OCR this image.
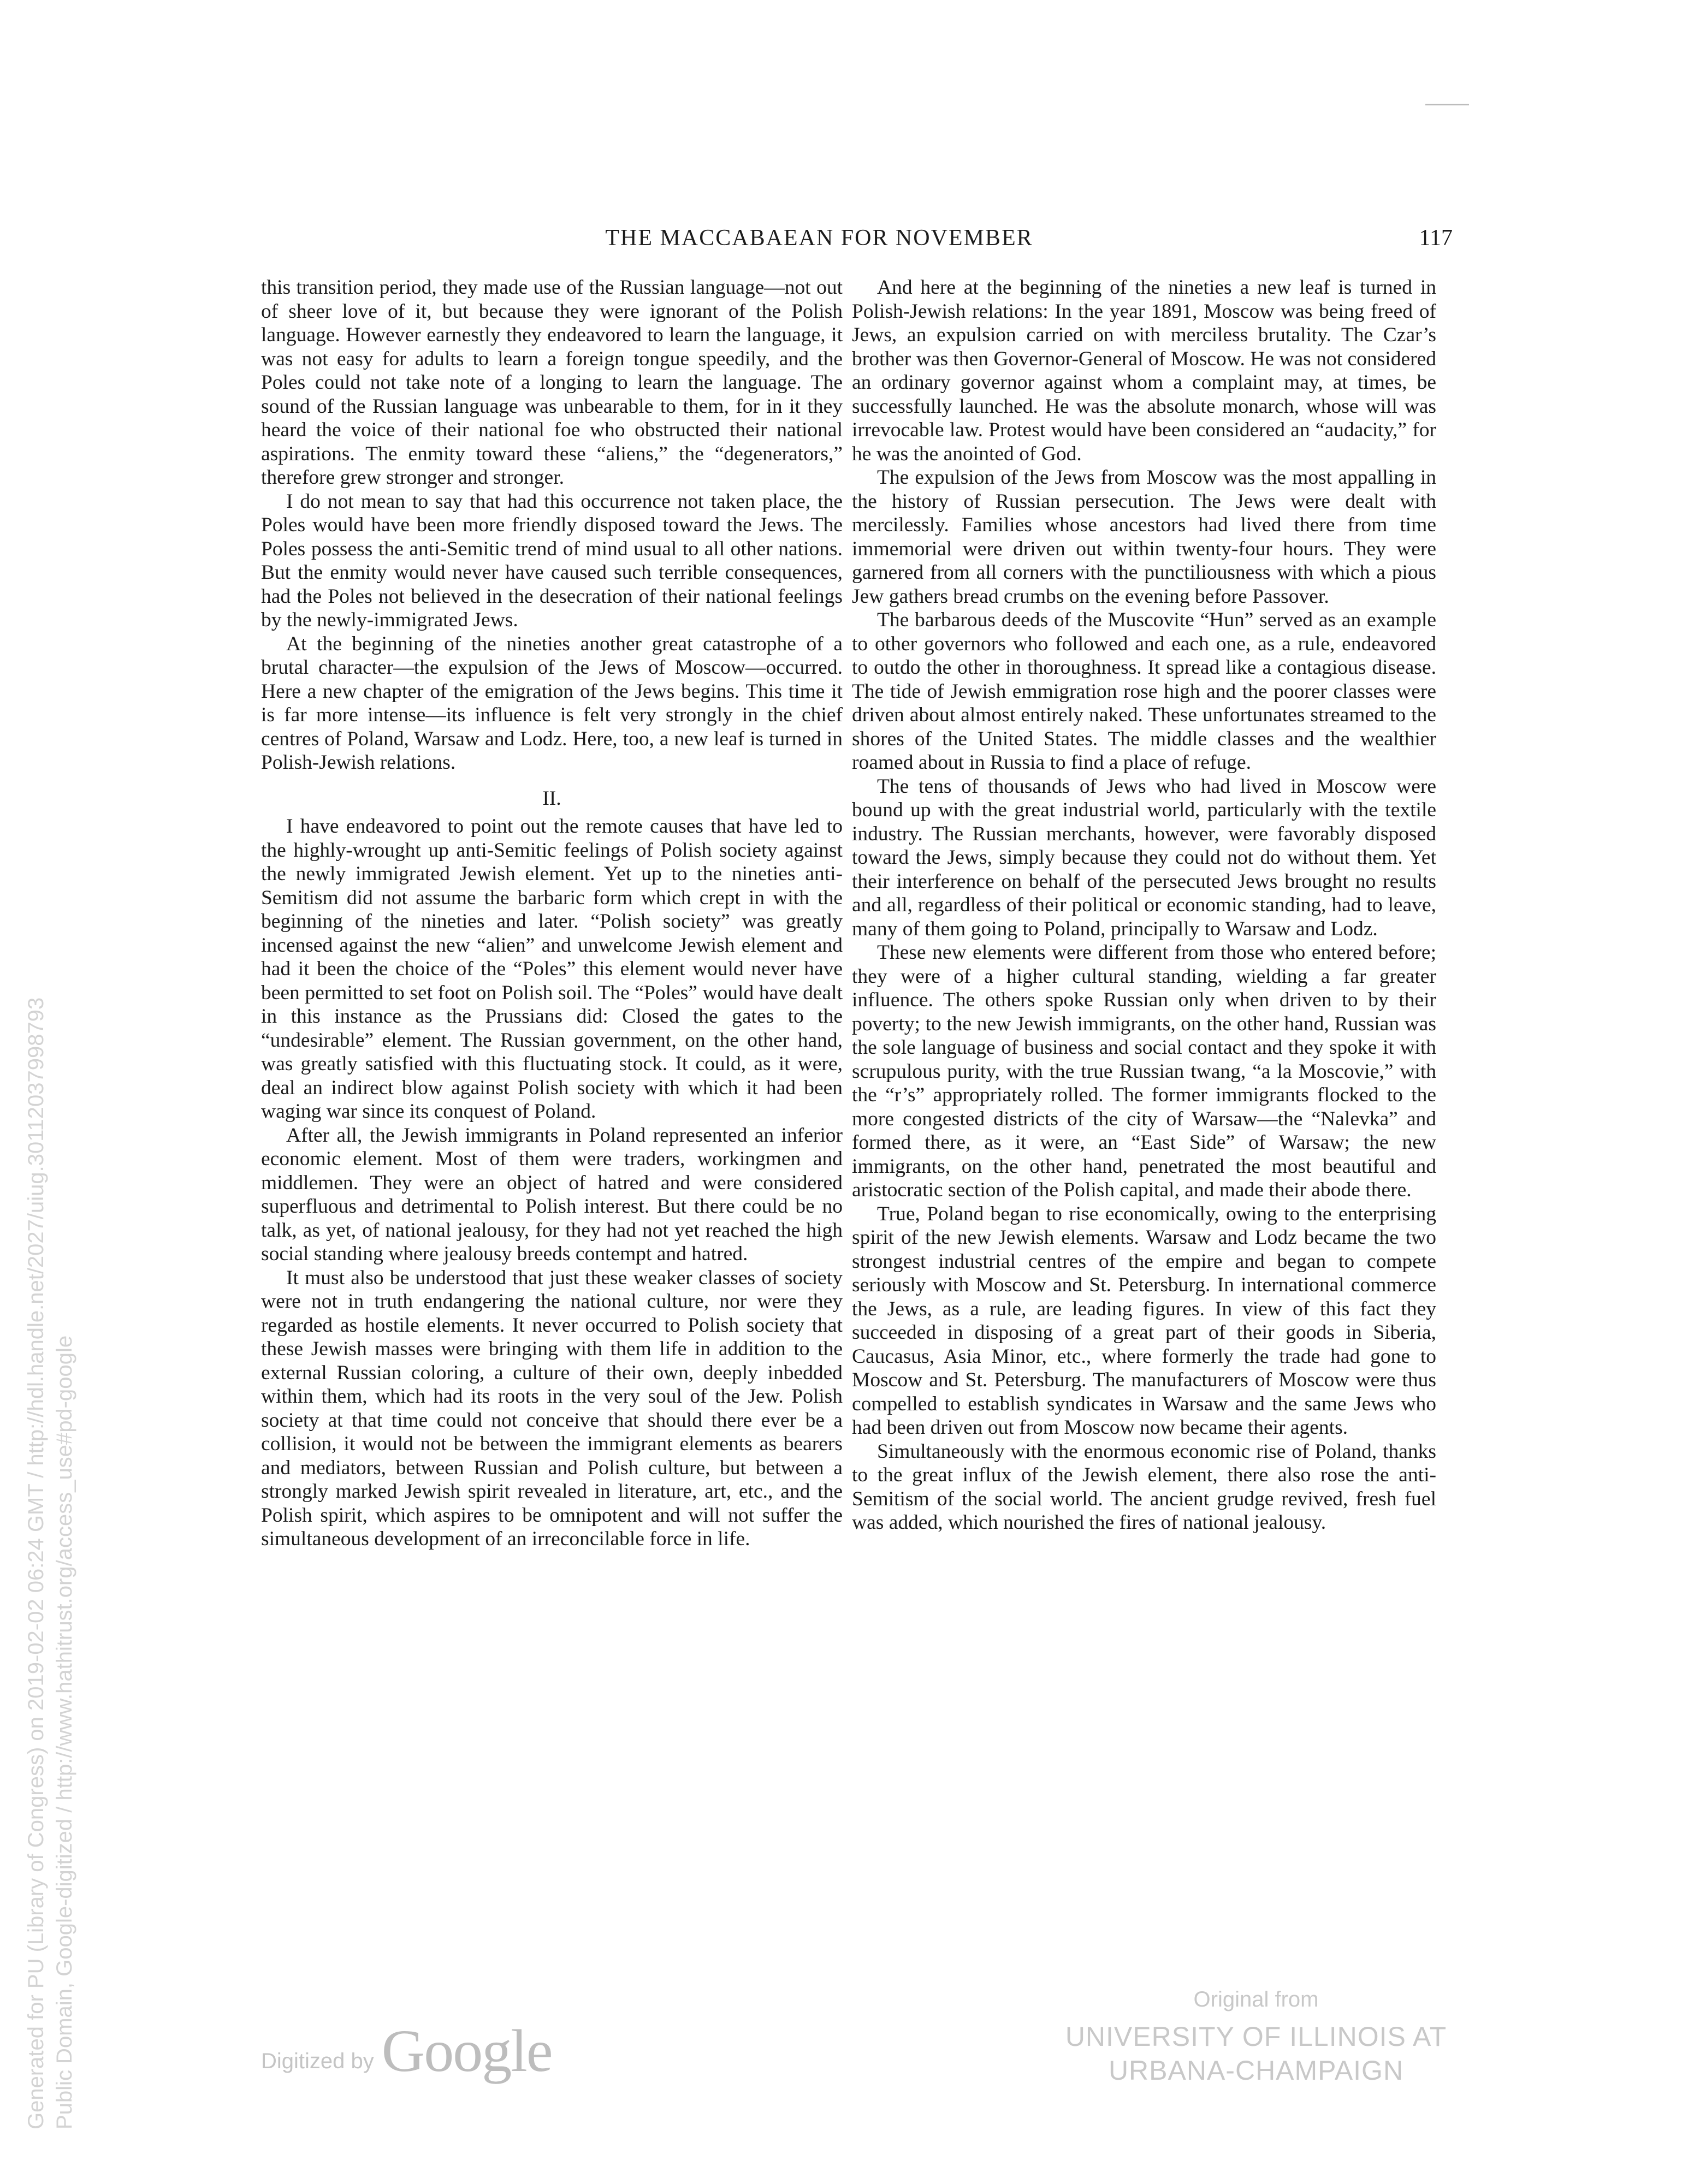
THE MACCABAEAN FOR NOVEMBER	117

this transition period, they made use of the Russian language—not out of sheer love of it, but because they were ignorant of the Polish language. However earnestly they endeavored to learn the language, it was not easy for adults to learn a foreign tongue speedily, and the Poles could not take note of a longing to learn the language. The sound of the Russian language was unbearable to them, for in it they heard the voice of their national foe who obstructed their national aspirations. The enmity toward these “aliens,” the “degenerators,” therefore grew stronger and stronger.

I do not mean to say that had this occurrence not taken place, the Poles would have been more friendly disposed toward the Jews. The Poles possess the anti-Semitic trend of mind usual to all other nations. But the enmity would never have caused such terrible consequences, had the Poles not believed in the desecration of their national feelings by the newly-immigrated Jews.

At the beginning of the nineties another great catastrophe of a brutal character—the expulsion of the Jews of Moscow—occurred. Here a new chapter of the emigration of the Jews begins. This time it is far more intense—its influence is felt very strongly in the chief centres of Poland, Warsaw and Lodz. Here, too, a new leaf is turned in Polish-Jewish relations.

II.

I have endeavored to point out the remote causes that have led to the highly-wrought up anti-Semitic feelings of Polish society against the newly immigrated Jewish element. Yet up to the nineties anti-Semitism did not assume the barbaric form which crept in with the beginning of the nineties and later. “Polish society” was greatly incensed against the new “alien” and unwelcome Jewish element and had it been the choice of the “Poles” this element would never have been permitted to set foot on Polish soil. The “Poles” would have dealt in this instance as the Prussians did: Closed the gates to the “undesirable” element. The Russian government, on the other hand, was greatly satisfied with this fluctuating stock. It could, as it were, deal an indirect blow against Polish society with which it had been waging war since its conquest of Poland.

After all, the Jewish immigrants in Poland represented an inferior economic element. Most of them were traders, workingmen and middlemen. They were an object of hatred and were considered superfluous and detrimental to Polish interest. But there could be no talk, as yet, of national jealousy, for they had not yet reached the high social standing where jealousy breeds contempt and hatred.

It must also be understood that just these weaker classes of society were not in truth endangering the national culture, nor were they regarded as hostile elements. It never occurred to Polish society that these Jewish masses were bringing with them life in addition to the external Russian coloring, a culture of their own, deeply inbedded within them, which had its roots in the very soul of the Jew. Polish society at that time could not conceive that should there ever be a collision, it would not be between the immigrant elements as bearers and mediators, between Russian and Polish culture, but between a strongly marked Jewish spirit revealed in literature, art, etc., and the Polish spirit, which aspires to be omnipotent and will not suffer the simultaneous development of an irreconcilable force in life.

And here at the beginning of the nineties a new leaf is turned in Polish-Jewish relations: In the year 1891, Moscow was being freed of Jews, an expulsion carried on with merciless brutality. The Czar’s brother was then Governor-General of Moscow. He was not considered an ordinary governor against whom a complaint may, at times, be successfully launched. He was the absolute monarch, whose will was irrevocable law. Protest would have been considered an “audacity,” for he was the anointed of God.

The expulsion of the Jews from Moscow was the most appalling in the history of Russian persecution. The Jews were dealt with mercilessly. Families whose ancestors had lived there from time immemorial were driven out within twenty-four hours. They were garnered from all corners with the punctiliousness with which a pious Jew gathers bread crumbs on the evening before Passover.

The barbarous deeds of the Muscovite “Hun” served as an example to other governors who followed and each one, as a rule, endeavored to outdo the other in thoroughness. It spread like a contagious disease. The tide of Jewish emmigration rose high and the poorer classes were driven about almost entirely naked. These unfortunates streamed to the shores of the United States. The middle classes and the wealthier roamed about in Russia to find a place of refuge.

The tens of thousands of Jews who had lived in Moscow were bound up with the great industrial world, particularly with the textile industry. The Russian merchants, however, were favorably disposed toward the Jews, simply because they could not do without them. Yet their interference on behalf of the persecuted Jews brought no results and all, regardless of their political or economic standing, had to leave, many of them going to Poland, principally to Warsaw and Lodz.

These new elements were different from those who entered before; they were of a higher cultural standing, wielding a far greater influence. The others spoke Russian only when driven to by their poverty; to the new Jewish immigrants, on the other hand, Russian was the sole language of business and social contact and they spoke it with scrupulous purity, with the true Russian twang, “a la Moscovie,” with the “r’s” appropriately rolled. The former immigrants flocked to the more congested districts of the city of Warsaw—the “Nalevka” and formed there, as it were, an “East Side” of Warsaw; the new immigrants, on the other hand, penetrated the most beautiful and aristocratic section of the Polish capital, and made their abode there.

True, Poland began to rise economically, owing to the enterprising spirit of the new Jewish elements. Warsaw and Lodz became the two strongest industrial centres of the empire and began to compete seriously with Moscow and St. Petersburg. In international commerce the Jews, as a rule, are leading figures. In view of this fact they succeeded in disposing of a great part of their goods in Siberia, Caucasus, Asia Minor, etc., where formerly the trade had gone to Moscow and St. Petersburg. The manufacturers of Moscow were thus compelled to establish syndicates in Warsaw and the same Jews who had been driven out from Moscow now became their agents.

Simultaneously with the enormous economic rise of Poland, thanks to the great influx of the Jewish element, there also rose the anti-Semitism of the social world. The ancient grudge revived, fresh fuel was added, which nourished the fires of national jealousy.

Generated for PU (Library of Congress) on 2019-02-02 06:24 GMT / http://hdl.handle.net/2027/uiug.30112037998793 Public Domain, Google-digitized / http://www.hathitrust.org/access_use#pd-google	Digitized by Google
Original from
UNIVERSITY OF ILLINOIS AT
URBANA-CHAMPAIGN
